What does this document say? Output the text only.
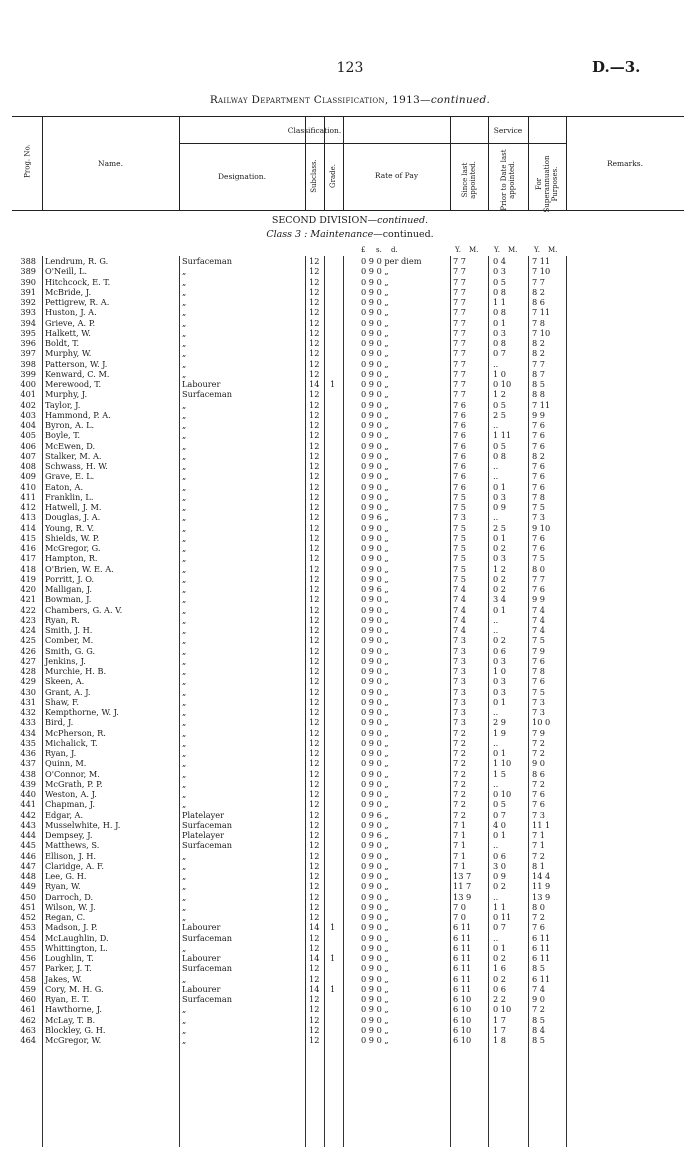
123	D.—3.
Railway Department Classification, 1913—continued.
Prog. No.	Name.
Classification.
Designation.	Subclass. Grade.	Rate of Pay
Service
Since last appointed.	Prior to Date last appointed.	For Superannuation Purposes.
Remarks.
SECOND DIVISION—continued.
Class 3 : Maintenance—continued.
£ s. d.	Y. M. Y. M. Y. M.
388 Lendrum, R. G.	Surfaceman	12	0 9 0 per diem	7 7	0 4	7 11
389 O'Neill, L.	„	12	0 9 0 „	7 7	0 3	7 10
390 Hitchcock, E. T.	„	12	0 9 0 „	7 7	0 5	7 7
391 McBride, J.	„	12	0 9 0 „	7 7	0 8	8 2
392 Pettigrew, R. A.	„	12	0 9 0 „	7 7	1 1	8 6
393 Huston, J. A.	„	12	0 9 0 „	7 7	0 8	7 11
394 Grieve, A. P.	„	12	0 9 0 „	7 7	0 1	7 8
395 Halkett, W.	„	12	0 9 0 „	7 7	0 3	7 10
396 Boldt, T.	„	12	0 9 0 „	7 7	0 8	8 2
397 Murphy, W.	„	12	0 9 0 „	7 7	0 7	8 2
398 Patterson, W. J.	„	12	0 9 0 „	7 7	..	7 7
399 Kenward, C. M.	„	12	0 9 0 „	7 7	1 0	8 7
400 Merewood, T.	Labourer	14 1	0 9 0 „	7 7	0 10	8 5
401 Murphy, J.	Surfaceman	12	0 9 0 „	7 7	1 2	8 8
402 Taylor, J.	„	12	0 9 0 „	7 6	0 5	7 11
403 Hammond, P. A.	„	12	0 9 0 „	7 6	2 5	9 9
404 Byron, A. L.	„	12	0 9 0 „	7 6	..	7 6
405 Boyle, T.	„	12	0 9 0 „	7 6	1 11	7 6
406 McEwen, D.	„	12	0 9 0 „	7 6	0 5	7 6
407 Stalker, M. A.	„	12	0 9 0 „	7 6	0 8	8 2
408 Schwass, H. W.	„	12	0 9 0 „	7 6	..	7 6
409 Grave, E. L.	„	12	0 9 0 „	7 6	..	7 6
410 Eaton, A.	„	12	0 9 0 „	7 6	0 1	7 6
411 Franklin, L.	„	12	0 9 0 „	7 5	0 3	7 8
412 Hatwell, J. M.	„	12	0 9 0 „	7 5	0 9	7 5
413 Douglas, J. A.	„	12	0 9 6 „	7 3	..	7 3
414 Young, R. V.	„	12	0 9 0 „	7 5	2 5	9 10
415 Shields, W. P.	„	12	0 9 0 „	7 5	0 1	7 6
416 McGregor, G.	„	12	0 9 0 „	7 5	0 2	7 6
417 Hampton, R.	„	12	0 9 0 „	7 5	0 3	7 5
418 O'Brien, W. E. A.	„	12	0 9 0 „	7 5	1 2	8 0
419 Porritt, J. O.	„	12	0 9 0 „	7 5	0 2	7 7
420 Malligan, J.	„	12	0 9 6 „	7 4	0 2	7 6
421 Bowman, J.	„	12	0 9 0 „	7 4	3 4	9 9
422 Chambers, G. A. V.	„	12	0 9 0 „	7 4	0 1	7 4
423 Ryan, R.	„	12	0 9 0 „	7 4	..	7 4
424 Smith, J. H.	„	12	0 9 0 „	7 4	..	7 4
425 Comber, M.	„	12	0 9 0 „	7 3	0 2	7 5
426 Smith, G. G.	„	12	0 9 0 „	7 3	0 6	7 9
427 Jenkins, J.	„	12	0 9 0 „	7 3	0 3	7 6
428 Murchie, H. B.	„	12	0 9 0 „	7 3	1 0	7 8
429 Skeen, A.	„	12	0 9 0 „	7 3	0 3	7 6
430 Grant, A. J.	„	12	0 9 0 „	7 3	0 3	7 5
431 Shaw, F.	„	12	0 9 0 „	7 3	0 1	7 3
432 Kempthorne, W. J.	„	12	0 9 0 „	7 3	..	7 3
433 Bird, J.	„	12	0 9 0 „	7 3	2 9	10 0
434 McPherson, R.	„	12	0 9 0 „	7 2	1 9	7 9
435 Michalick, T.	„	12	0 9 0 „	7 2	..	7 2
436 Ryan, J.	„	12	0 9 0 „	7 2	0 1	7 2
437 Quinn, M.	„	12	0 9 0 „	7 2	1 10	9 0
438 O'Connor, M.	„	12	0 9 0 „	7 2	1 5	8 6
439 McGrath, P. P.	„	12	0 9 0 „	7 2	..	7 2
440 Weston, A. J.	„	12	0 9 0 „	7 2	0 10	7 6
441 Chapman, J.	„	12	0 9 0 „	7 2	0 5	7 6
442 Edgar, A.	Platelayer	12	0 9 6 „	7 2	0 7	7 3
443 Musselwhite, H. J.	Surfaceman	12	0 9 0 „	7 1	4 0	11 1
444 Dempsey, J.	Platelayer	12	0 9 6 „	7 1	0 1	7 1
445 Matthews, S.	Surfaceman	12	0 9 0 „	7 1	..	7 1
446 Ellison, J. H.	„	12	0 9 0 „	7 1	0 6	7 2
447 Claridge, A. F.	„	12	0 9 0 „	7 1	3 0	8 1
448 Lee, G. H.	„	12	0 9 0 „	13 7	0 9	14 4
449 Ryan, W.	„	12	0 9 0 „	11 7	0 2	11 9
450 Darroch, D.	„	12	0 9 0 „	13 9	..	13 9
451 Wilson, W. J.	„	12	0 9 0 „	7 0	1 1	8 0
452 Regan, C.	„	12	0 9 0 „	7 0	0 11	7 2
453 Madson, J. P.	Labourer	14 1	0 9 0 „	6 11	0 7	7 6
454 McLaughlin, D.	Surfaceman	12	0 9 0 „	6 11	..	6 11
455 Whittington, L.	„	12	0 9 0 „	6 11	0 1	6 11
456 Loughlin, T.	Labourer	14 1	0 9 0 „	6 11	0 2	6 11
457 Parker, J. T.	Surfaceman	12	0 9 0 „	6 11	1 6	8 5
458 Jakes, W.	„	12	0 9 0 „	6 11	0 2	6 11
459 Cory, M. H. G.	Labourer	14 1	0 9 0 „	6 11	0 6	7 4
460 Ryan, E. T.	Surfaceman	12	0 9 0 „	6 10	2 2	9 0
461 Hawthorne, J.	„	12	0 9 0 „	6 10	0 10	7 2
462 McLay, T. B.	„	12	0 9 0 „	6 10	1 7	8 5
463 Blockley, G. H.	„	12	0 9 0 „	6 10	1 7	8 4
464 McGregor, W.	„	12	0 9 0 „	6 10	1 8	8 5
